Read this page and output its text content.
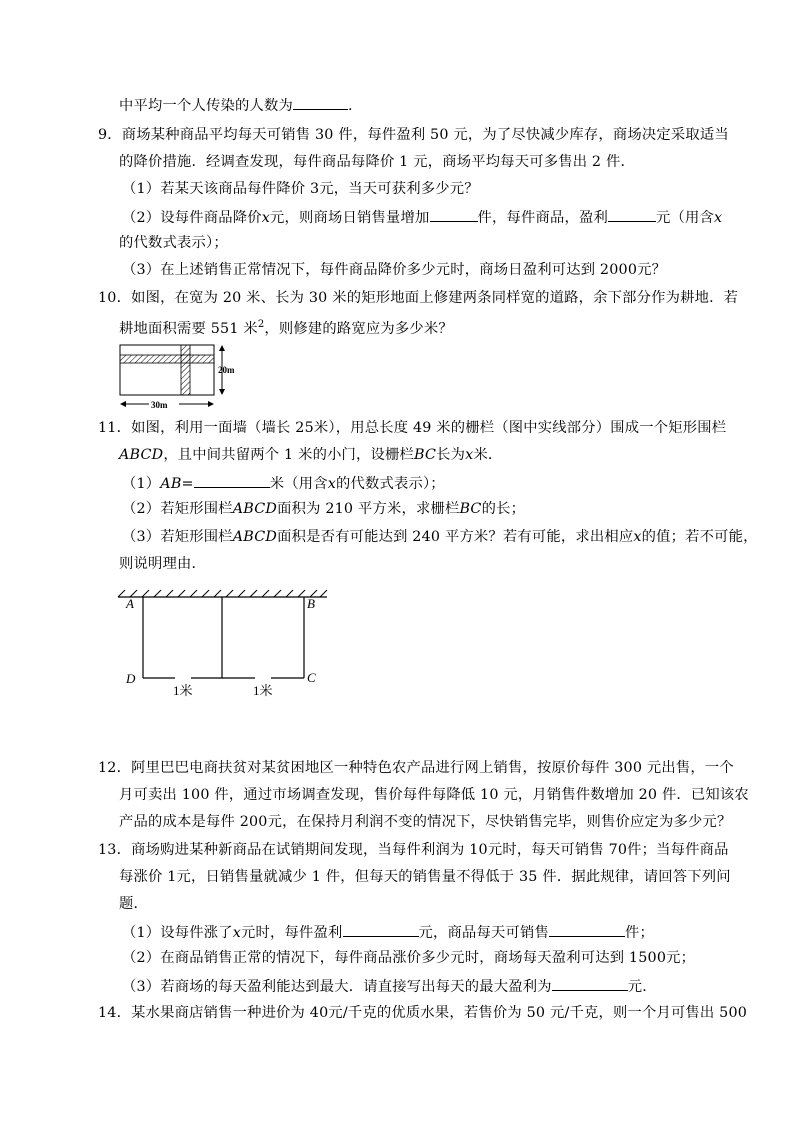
中平均一个人传染的人数为	.
9．商场某种商品平均每天可销售 30 件，每件盈利 50 元，为了尽快减少库存，商场决定采取适当
的降价措施．经调查发现，每件商品每降价 1 元，商场平均每天可多售出 2 件．
（1）若某天该商品每件降价 3元，当天可获利多少元？
（2）设每件商品降价x元，则商场日销售量增加	件，每件商品，盈利	元（用含x
的代数式表示）；
（3）在上述销售正常情况下，每件商品降价多少元时，商场日盈利可达到 2000元？
10．如图，在宽为 20 米、长为 30 米的矩形地面上修建两条同样宽的道路，余下部分作为耕地．若
耕地面积需要 551 米$^2$，则修建的路宽应为多少米？
20m
30m
11．如图，利用一面墙（墙长 25米），用总长度 49 米的栅栏（图中实线部分）围成一个矩形围栏
ABCD，且中间共留两个 1 米的小门，设栅栏BC长为x米．
（1）AB=	米（用含x的代数式表示）；
（2）若矩形围栏ABCD面积为 210 平方米，求栅栏BC的长；
（3）若矩形围栏ABCD面积是否有可能达到 240 平方米？若有可能，求出相应x的值；若不可能，
则说明理由．
A	B
D	C
1米	1米
12．阿里巴巴电商扶贫对某贫困地区一种特色农产品进行网上销售，按原价每件 300 元出售，一个
月可卖出 100 件，通过市场调查发现，售价每件每降低 10 元，月销售件数增加 20 件．已知该农
产品的成本是每件 200元，在保持月利润不变的情况下，尽快销售完毕，则售价应定为多少元？
13．商场购进某种新商品在试销期间发现，当每件利润为 10元时，每天可销售 70件；当每件商品
每涨价 1元，日销售量就减少 1 件，但每天的销售量不得低于 35 件．据此规律，请回答下列问
题．
（1）设每件涨了x元时，每件盈利	元，商品每天可销售	件；
（2）在商品销售正常的情况下，每件商品涨价多少元时，商场每天盈利可达到 1500元；
（3）若商场的每天盈利能达到最大．请直接写出每天的最大盈利为	元．
14．某水果商店销售一种进价为 40元/千克的优质水果，若售价为 50 元/千克，则一个月可售出 500
